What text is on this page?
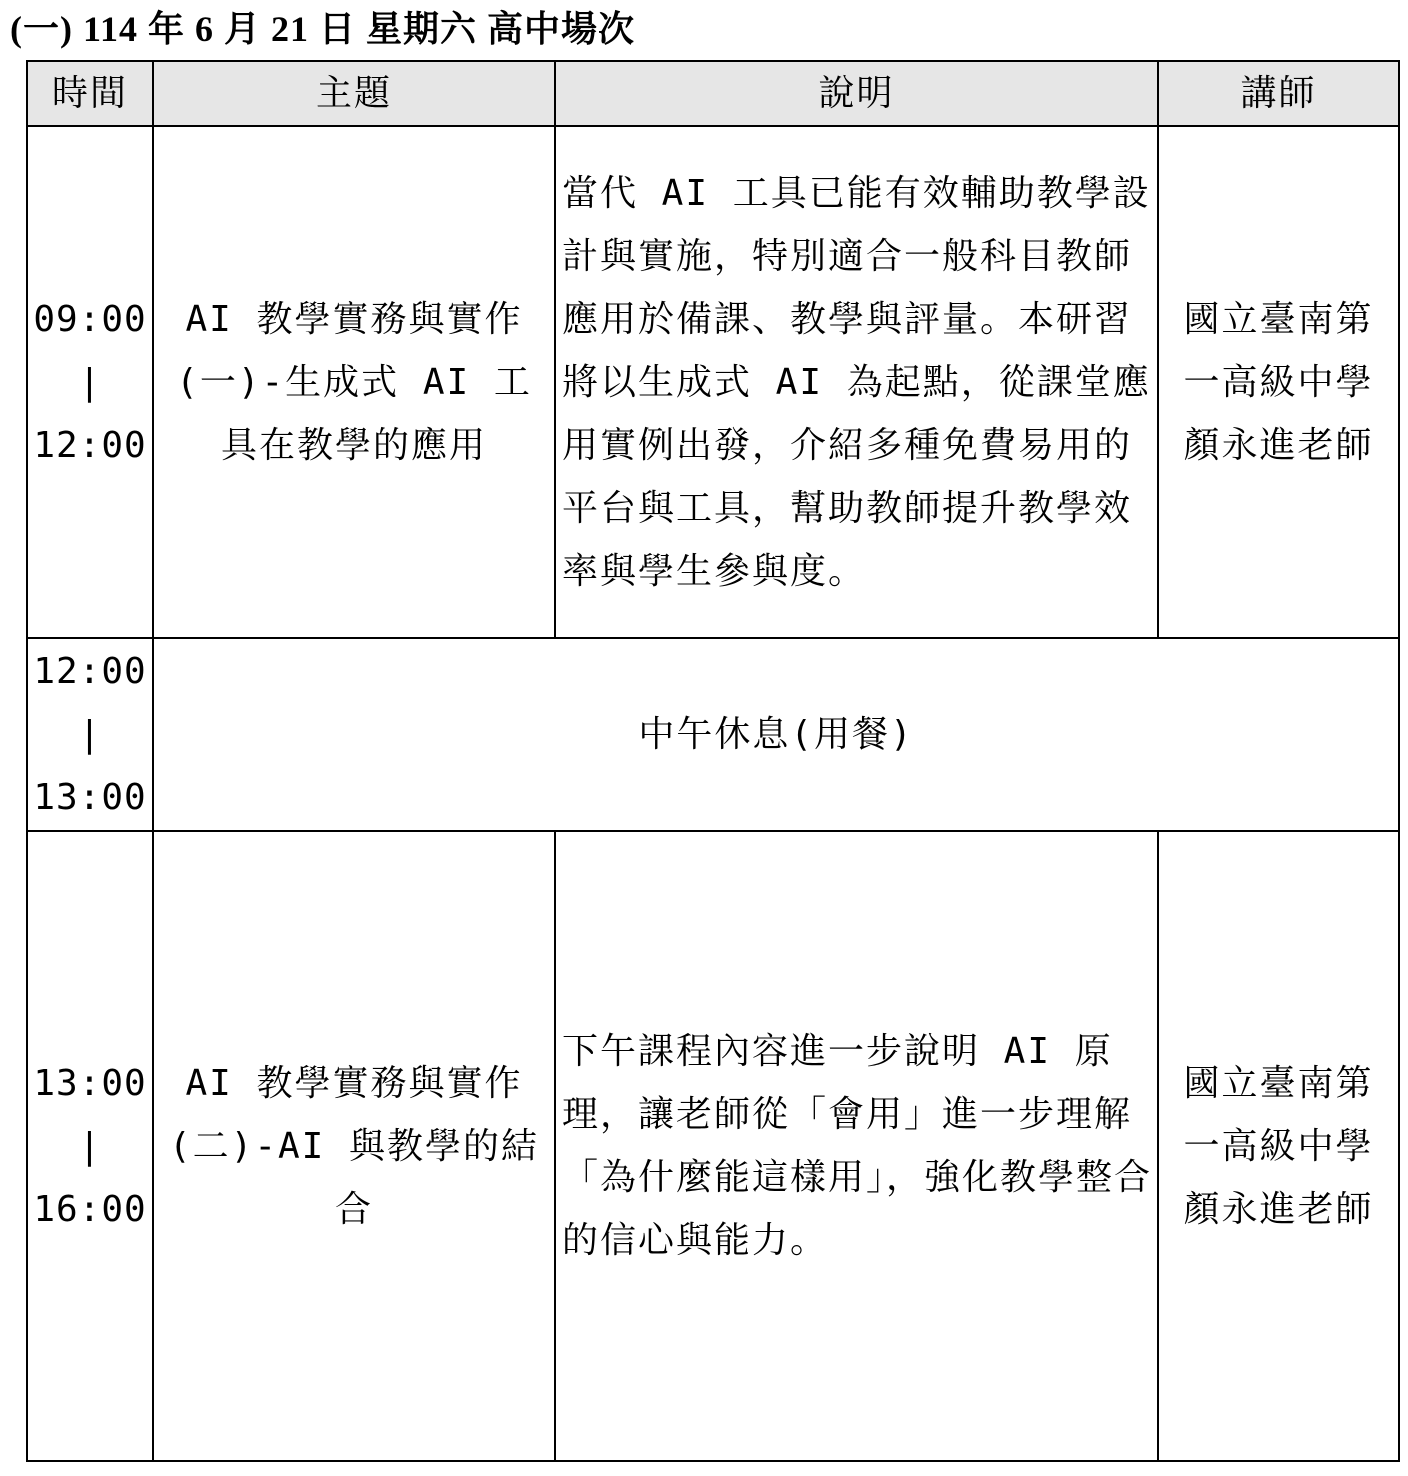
(一) 114 年 6 月 21 日 星期六 高中場次
時間	主題	說明	講師

09:00
|
12:00	AI 教學實務與實作(一)-生成式 AI 工具在教學的應用	當代 AI 工具已能有效輔助教學設計與實施，特別適合一般科目教師應用於備課、教學與評量。本研習將以生成式 AI 為起點，從課堂應用實例出發，介紹多種免費易用的平台與工具，幫助教師提升教學效率與學生參與度。	國立臺南第一高級中學顏永進老師

12:00
|
13:00	中午休息(用餐)		

13:00
|
16:00	AI 教學實務與實作(二)-AI 與教學的結合	下午課程內容進一步說明 AI 原理，讓老師從「會用」進一步理解「為什麼能這樣用」，強化教學整合的信心與能力。	國立臺南第一高級中學顏永進老師
